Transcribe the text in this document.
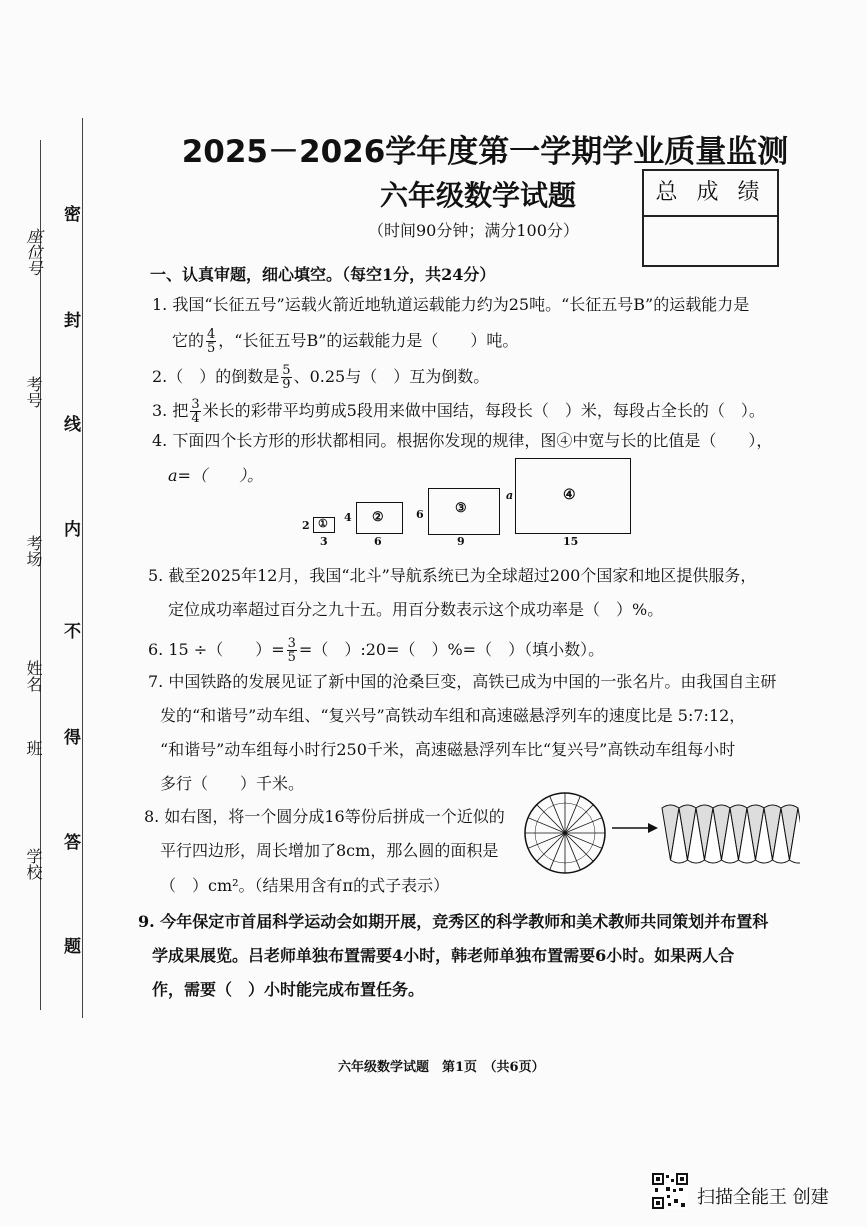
座位号
考号
考场
姓名
班
学校
密
封
线
内
不
得
答
题
2025－2026学年度第一学期学业质量监测
六年级数学试题
（时间90分钟；满分100分）
总 成 绩
一、认真审题，细心填空。（每空1分，共24分）
1. 我国“长征五号”运载火箭近地轨道运载能力约为25吨。“长征五号B”的运载能力是
它的 $\frac{4}{5}$ ，“长征五号B”的运载能力是（　　）吨。
2.（　）的倒数是 $\frac{5}{9}$ 、0.25与（　）互为倒数。
3. 把 $\frac{3}{4}$ 米长的彩带平均剪成5段用来做中国结，每段长（　）米，每段占全长的（　）。
4. 下面四个长方形的形状都相同。根据你发现的规律，图④中宽与长的比值是（　　），
a=（　　）。
①
2
3
②
4
6
③
6
9
④
a
15
5. 截至2025年12月，我国“北斗”导航系统已为全球超过200个国家和地区提供服务，
定位成功率超过百分之九十五。用百分数表示这个成功率是（　）%。
6. 15 ÷（　　）= $\frac{3}{5}$ =（　）:20=（　）%=（　）（填小数）。
7. 中国铁路的发展见证了新中国的沧桑巨变，高铁已成为中国的一张名片。由我国自主研
发的“和谐号”动车组、“复兴号”高铁动车组和高速磁悬浮列车的速度比是 5:7:12，
“和谐号”动车组每小时行250千米，高速磁悬浮列车比“复兴号”高铁动车组每小时
多行（　　）千米。
8. 如右图，将一个圆分成16等份后拼成一个近似的
平行四边形，周长增加了8cm，那么圆的面积是
（　）cm²。（结果用含有π的式子表示）
9. 今年保定市首届科学运动会如期开展，竞秀区的科学教师和美术教师共同策划并布置科
学成果展览。吕老师单独布置需要4小时，韩老师单独布置需要6小时。如果两人合
作，需要（　）小时能完成布置任务。
六年级数学试题　第1页　（共6页）
扫描全能王 创建
